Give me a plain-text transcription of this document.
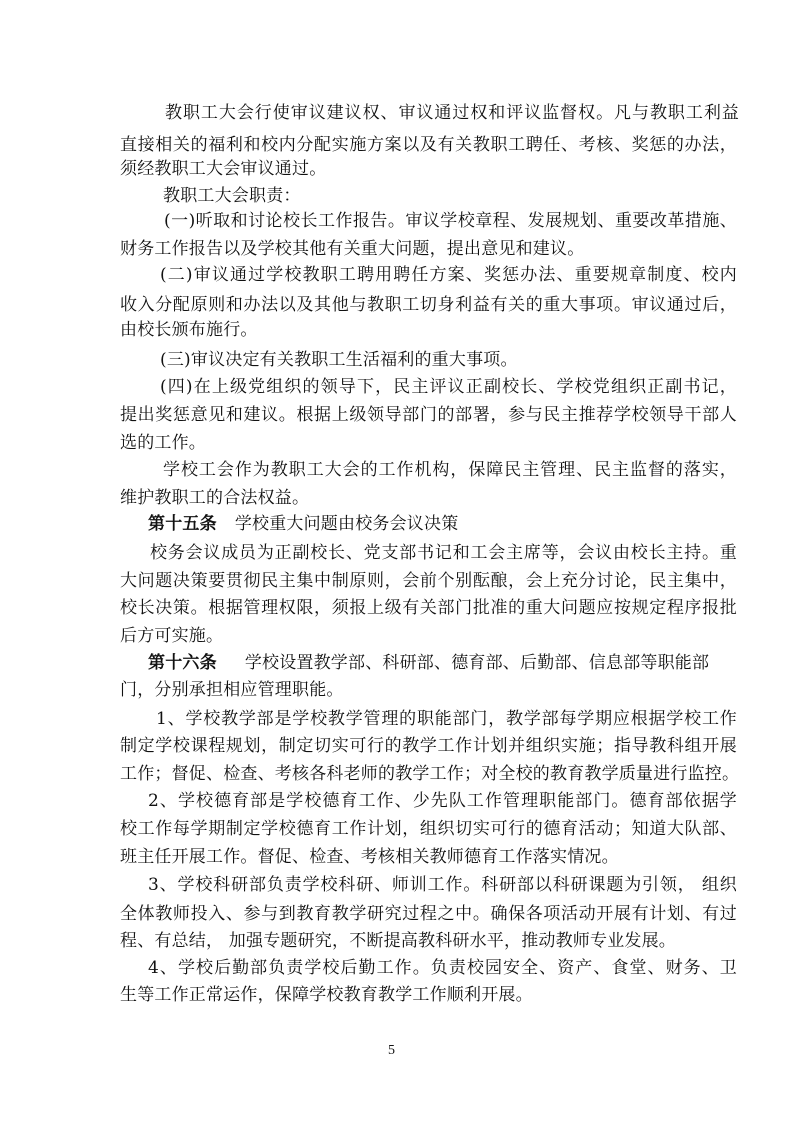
教职工大会行使审议建议权、审议通过权和评议监督权。凡与教职工利益
直接相关的福利和校内分配实施方案以及有关教职工聘任、考核、奖惩的办法，
须经教职工大会审议通过。
教职工大会职责：
(一)听取和讨论校长工作报告。审议学校章程、发展规划、重要改革措施、
财务工作报告以及学校其他有关重大问题，提出意见和建议。
(二)审议通过学校教职工聘用聘任方案、奖惩办法、重要规章制度、校内
收入分配原则和办法以及其他与教职工切身利益有关的重大事项。审议通过后，
由校长颁布施行。
(三)审议决定有关教职工生活福利的重大事项。
(四)在上级党组织的领导下，民主评议正副校长、学校党组织正副书记，
提出奖惩意见和建议。根据上级领导部门的部署，参与民主推荐学校领导干部人
选的工作。
学校工会作为教职工大会的工作机构，保障民主管理、民主监督的落实，
维护教职工的合法权益。
第十五条 学校重大问题由校务会议决策
校务会议成员为正副校长、党支部书记和工会主席等，会议由校长主持。重
大问题决策要贯彻民主集中制原则，会前个别酝酿，会上充分讨论，民主集中，
校长决策。根据管理权限，须报上级有关部门批准的重大问题应按规定程序报批
后方可实施。
第十六条 学校设置教学部、科研部、德育部、后勤部、信息部等职能部
门，分别承担相应管理职能。
1、学校教学部是学校教学管理的职能部门，教学部每学期应根据学校工作
制定学校课程规划，制定切实可行的教学工作计划并组织实施；指导教科组开展
工作；督促、检查、考核各科老师的教学工作；对全校的教育教学质量进行监控。
2、学校德育部是学校德育工作、少先队工作管理职能部门。德育部依据学
校工作每学期制定学校德育工作计划，组织切实可行的德育活动；知道大队部、
班主任开展工作。督促、检查、考核相关教师德育工作落实情况。
3、学校科研部负责学校科研、师训工作。科研部以科研课题为引领， 组织
全体教师投入、参与到教育教学研究过程之中。确保各项活动开展有计划、有过
程、有总结， 加强专题研究，不断提高教科研水平，推动教师专业发展。
4、学校后勤部负责学校后勤工作。负责校园安全、资产、食堂、财务、卫
生等工作正常运作，保障学校教育教学工作顺利开展。
5
